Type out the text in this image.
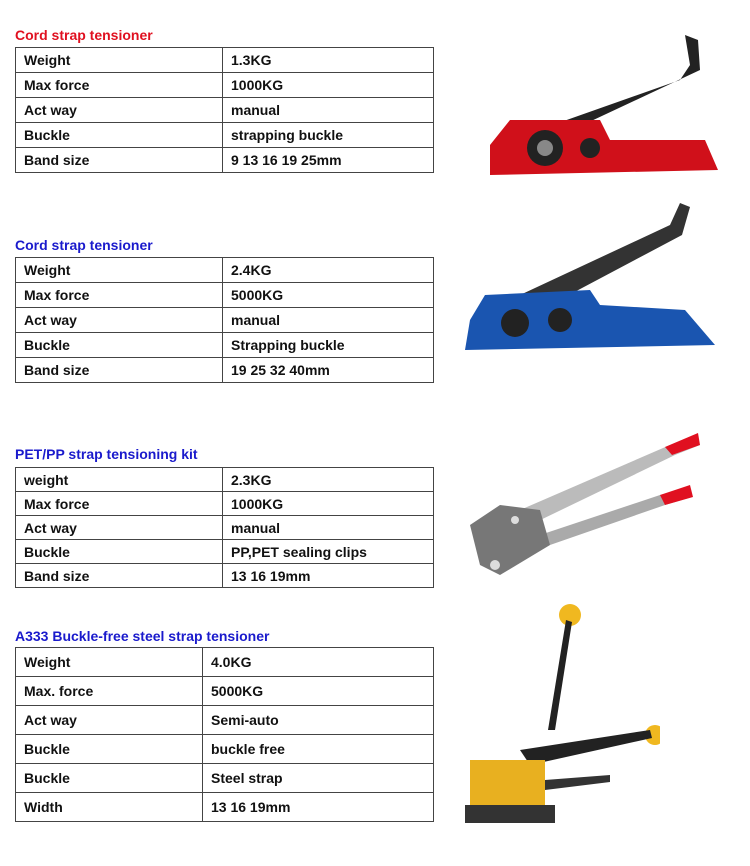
Cord strap tensioner
Weight	1.3KG
Max force	1000KG
Act way	manual
Buckle	strapping buckle
Band size	9 13 16 19 25mm
Cord strap tensioner
Weight	2.4KG
Max force	5000KG
Act way	manual
Buckle	Strapping buckle
Band size	19 25 32 40mm
PET/PP strap tensioning kit
weight	2.3KG
Max force	1000KG
Act way	manual
Buckle	PP,PET sealing clips
Band size	13 16 19mm
A333 Buckle-free steel strap tensioner
Weight	4.0KG
Max. force	5000KG
Act way	Semi-auto
Buckle	buckle free
Buckle	Steel strap
Width	13 16 19mm
